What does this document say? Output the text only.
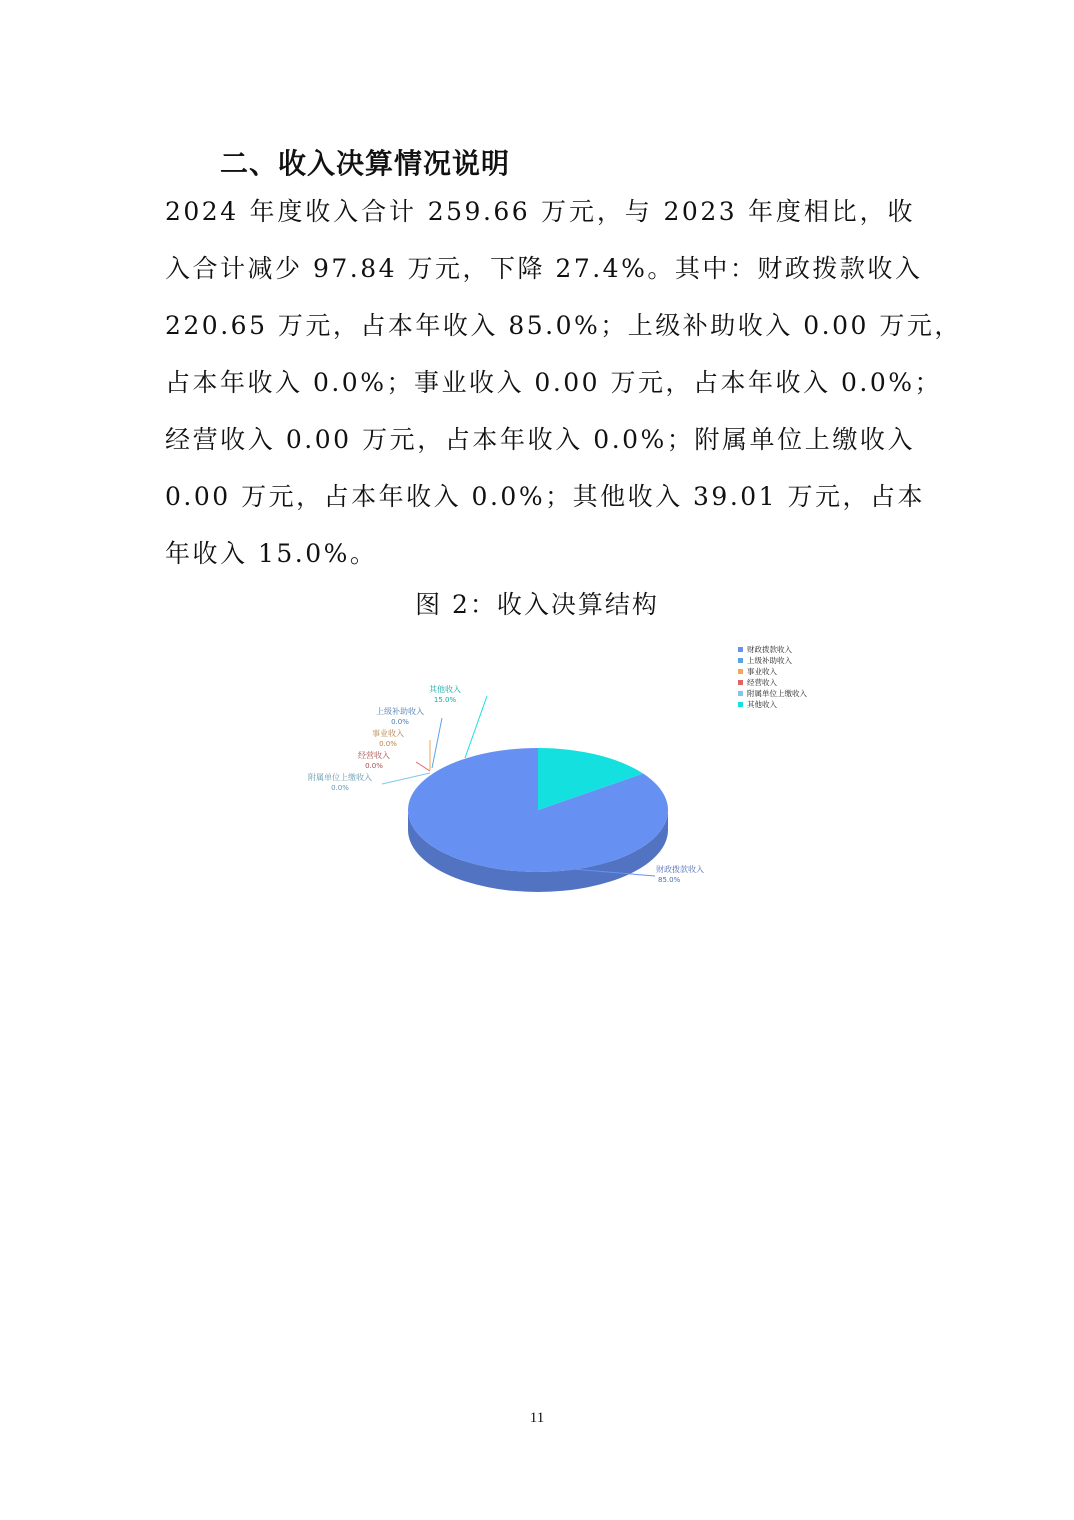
二、收入决算情况说明

2024 年度收入合计 259.66 万元，与 2023 年度相比，收

入合计减少 97.84 万元，下降 27.4%。其中：财政拨款收入

220.65 万元，占本年收入 85.0%；上级补助收入 0.00 万元，

占本年收入 0.0%；事业收入 0.00 万元，占本年收入 0.0%；

经营收入 0.00 万元，占本年收入 0.0%；附属单位上缴收入

0.00 万元，占本年收入 0.0%；其他收入 39.01 万元，占本

年收入 15.0%。

图 2：收入决算结构
财政拨款收入
85.0%
上级补助收入
0.0%
事业收入
0.0%
经营收入
0.0%
附属单位上缴收入
0.0%
其他收入
15.0%
财政拨款收入
上级补助收入
事业收入
经营收入
附属单位上缴收入
其他收入
11
